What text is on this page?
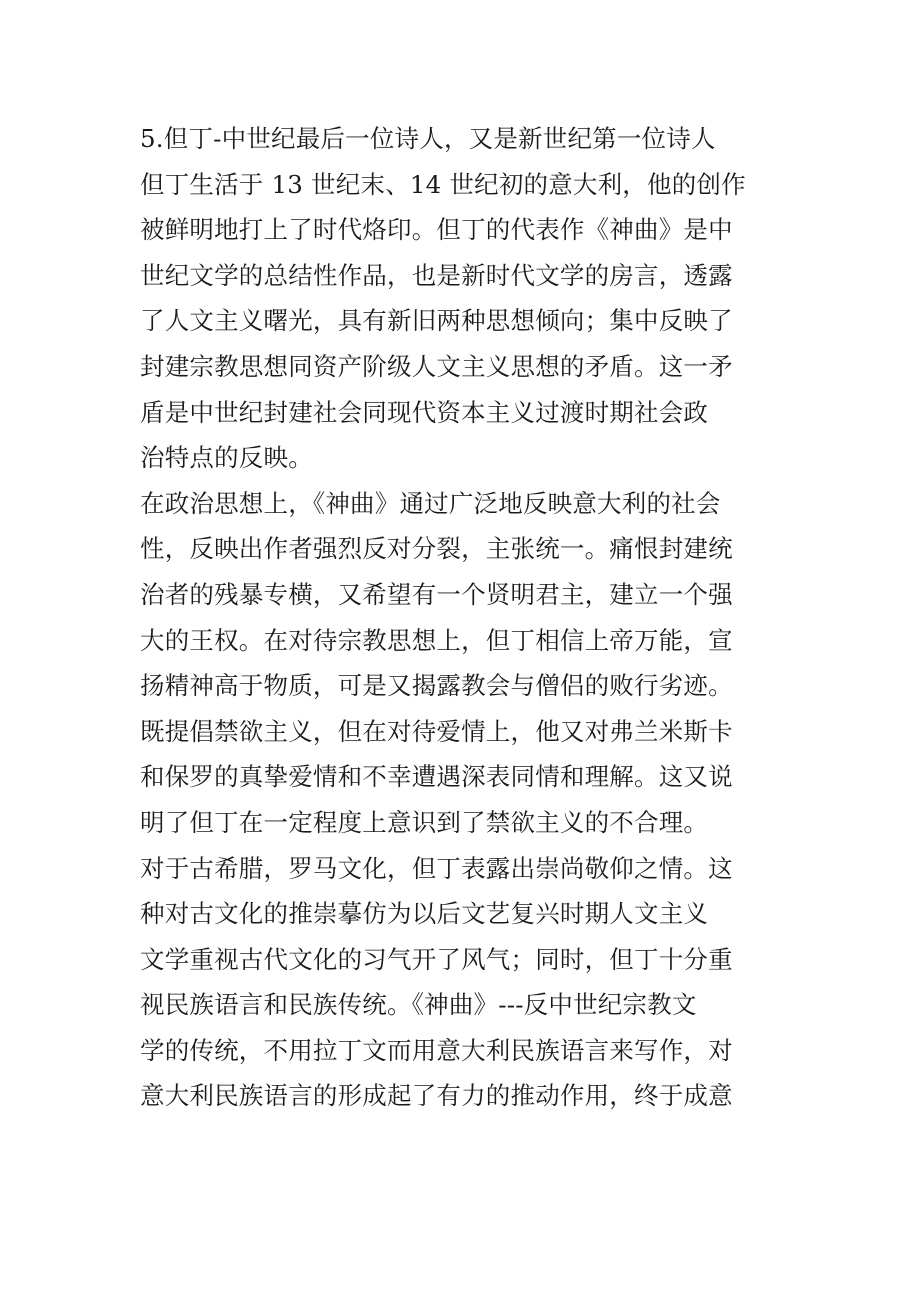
5.但丁-中世纪最后一位诗人，又是新世纪第一位诗人
但丁生活于 13 世纪末、14 世纪初的意大利，他的创作
被鲜明地打上了时代烙印。但丁的代表作《神曲》是中
世纪文学的总结性作品，也是新时代文学的房言，透露
了人文主义曙光，具有新旧两种思想倾向；集中反映了
封建宗教思想同资产阶级人文主义思想的矛盾。这一矛
盾是中世纪封建社会同现代资本主义过渡时期社会政
治特点的反映。
在政治思想上，《神曲》通过广泛地反映意大利的社会
性，反映出作者强烈反对分裂，主张统一。痛恨封建统
治者的残暴专横，又希望有一个贤明君主，建立一个强
大的王权。在对待宗教思想上，但丁相信上帝万能，宣
扬精神高于物质，可是又揭露教会与僧侣的败行劣迹。
既提倡禁欲主义，但在对待爱情上，他又对弗兰米斯卡
和保罗的真挚爱情和不幸遭遇深表同情和理解。这又说
明了但丁在一定程度上意识到了禁欲主义的不合理。
对于古希腊，罗马文化，但丁表露出崇尚敬仰之情。这
种对古文化的推崇摹仿为以后文艺复兴时期人文主义
文学重视古代文化的习气开了风气；同时，但丁十分重
视民族语言和民族传统。《神曲》---反中世纪宗教文
学的传统，不用拉丁文而用意大利民族语言来写作，对
意大利民族语言的形成起了有力的推动作用，终于成意
